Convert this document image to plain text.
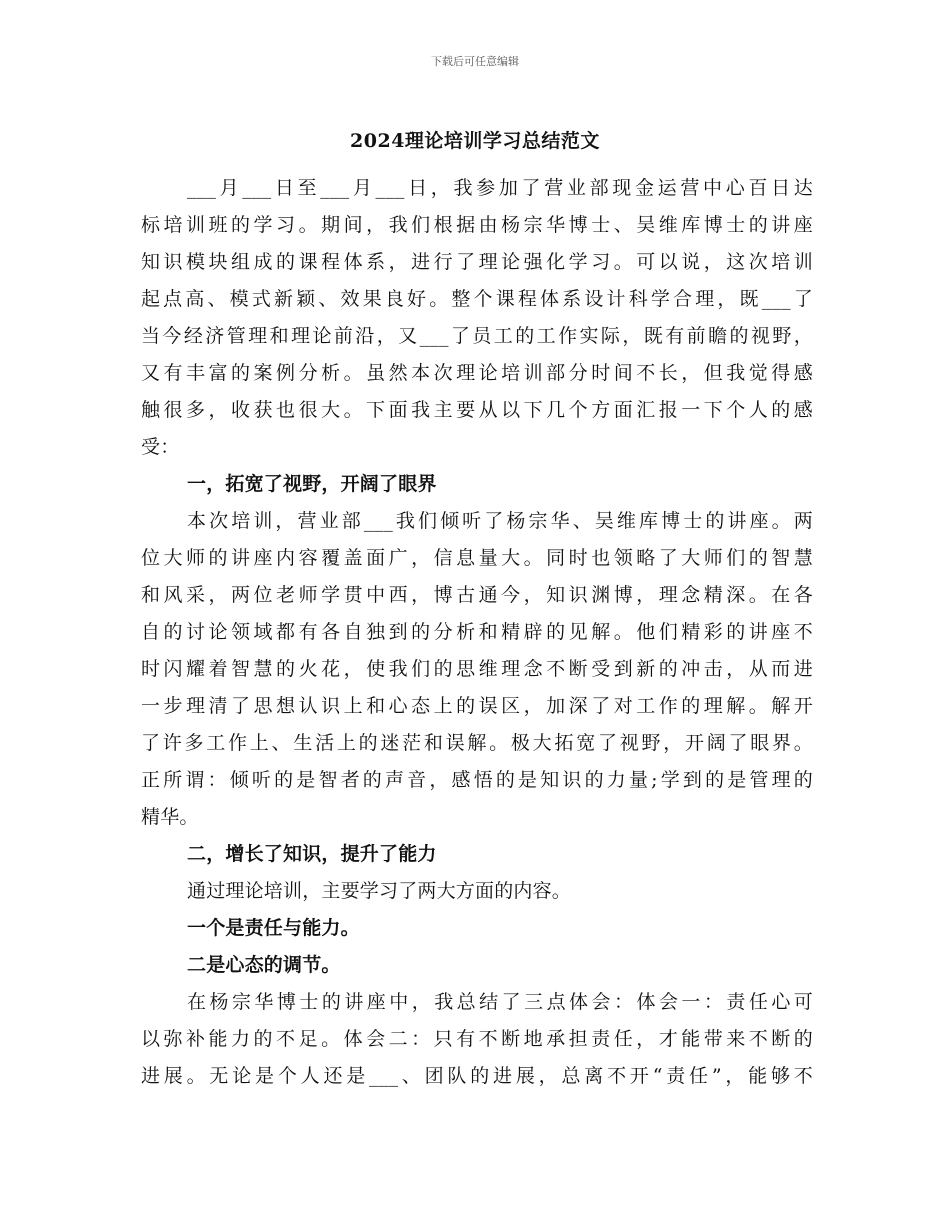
下载后可任意编辑
2024理论培训学习总结范文
___月___日至___月___日，我参加了营业部现金运营中心百日达
标培训班的学习。期间，我们根据由杨宗华博士、吴维库博士的讲座
知识模块组成的课程体系，进行了理论强化学习。可以说，这次培训
起点高、模式新颖、效果良好。整个课程体系设计科学合理，既___了
当今经济管理和理论前沿，又___了员工的工作实际，既有前瞻的视野，
又有丰富的案例分析。虽然本次理论培训部分时间不长，但我觉得感
触很多，收获也很大。下面我主要从以下几个方面汇报一下个人的感
受：
一，拓宽了视野，开阔了眼界
本次培训，营业部___我们倾听了杨宗华、吴维库博士的讲座。两
位大师的讲座内容覆盖面广，信息量大。同时也领略了大师们的智慧
和风采，两位老师学贯中西，博古通今，知识渊博，理念精深。在各
自的讨论领域都有各自独到的分析和精辟的见解。他们精彩的讲座不
时闪耀着智慧的火花，使我们的思维理念不断受到新的冲击，从而进
一步理清了思想认识上和心态上的误区，加深了对工作的理解。解开
了许多工作上、生活上的迷茫和误解。极大拓宽了视野，开阔了眼界。
正所谓：倾听的是智者的声音，感悟的是知识的力量;学到的是管理的
精华。
二，增长了知识，提升了能力
通过理论培训，主要学习了两大方面的内容。
一个是责任与能力。
二是心态的调节。
在杨宗华博士的讲座中，我总结了三点体会：体会一：责任心可
以弥补能力的不足。体会二：只有不断地承担责任，才能带来不断的
进展。无论是个人还是___、团队的进展，总离不开“责任”，能够不
